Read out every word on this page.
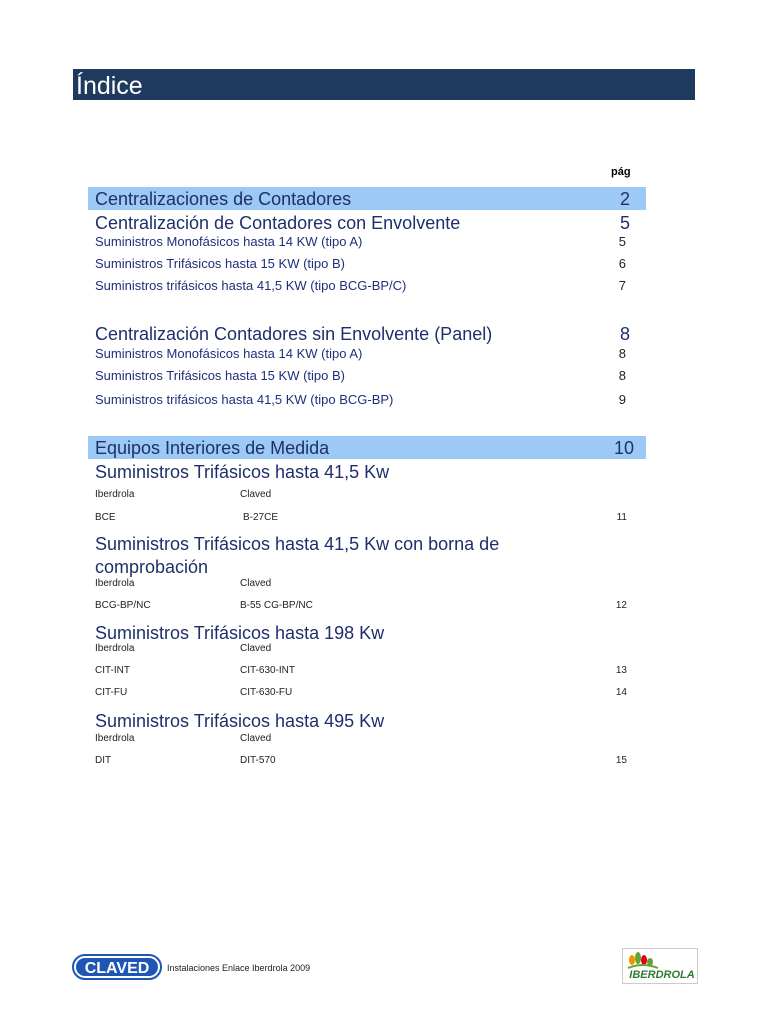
Índice
pág
Centralizaciones de Contadores	2
Centralización de Contadores con Envolvente	5
Suministros Monofásicos hasta 14 KW (tipo A)	5
Suministros Trifásicos hasta 15 KW (tipo B)	6
Suministros trifásicos hasta 41,5 KW (tipo BCG-BP/C)	7
Centralización Contadores sin Envolvente (Panel)	8
Suministros Monofásicos hasta 14 KW (tipo A)	8
Suministros Trifásicos hasta 15 KW (tipo B)	8
Suministros trifásicos hasta 41,5 KW (tipo BCG-BP)	9
Equipos Interiores de Medida	10
Suministros Trifásicos hasta 41,5 Kw
Iberdrola	Claved
BCE	B-27CE	11
Suministros Trifásicos hasta 41,5 Kw con borna de
comprobación
Iberdrola	Claved
BCG-BP/NC	B-55 CG-BP/NC	12
Suministros Trifásicos hasta 198 Kw
Iberdrola	Claved
CIT-INT	CIT-630-INT	13
CIT-FU	CIT-630-FU	14
Suministros Trifásicos hasta 495 Kw
Iberdrola	Claved
DIT	DIT-570	15
CLAVED Instalaciones Enlace Iberdrola 2009
IBERDROLA
